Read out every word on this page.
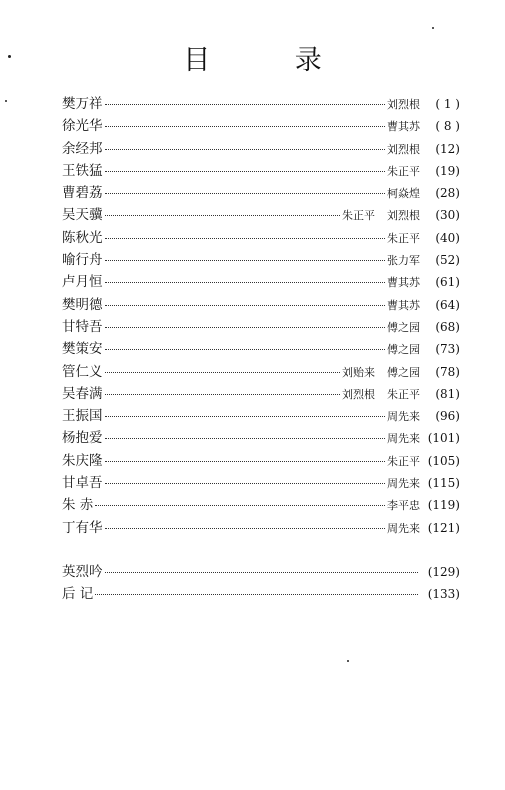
目 录
樊万祥	刘烈根	( 1 )
徐光华	曹其苏	( 8 )
余经邦	刘烈根	(12)
王铁猛	朱正平	(19)
曹碧荔	柯焱煌	(28)
吴天骥	朱正平 刘烈根	(30)
陈秋光	朱正平	(40)
喻行舟	张力军	(52)
卢月恒	曹其苏	(61)
樊明德	曹其苏	(64)
甘特吾	傅之园	(68)
樊策安	傅之园	(73)
管仁义	刘贻来 傅之园	(78)
吴春满	刘烈根 朱正平	(81)
王振国	周先来	(96)
杨抱爱	周先来 (101)
朱庆隆	朱正平 (105)
甘卓吾	周先来 (115)
朱 赤	李平忠 (119)
丁有华	周先来 (121)
英烈吟	(129)
后 记	(133)
